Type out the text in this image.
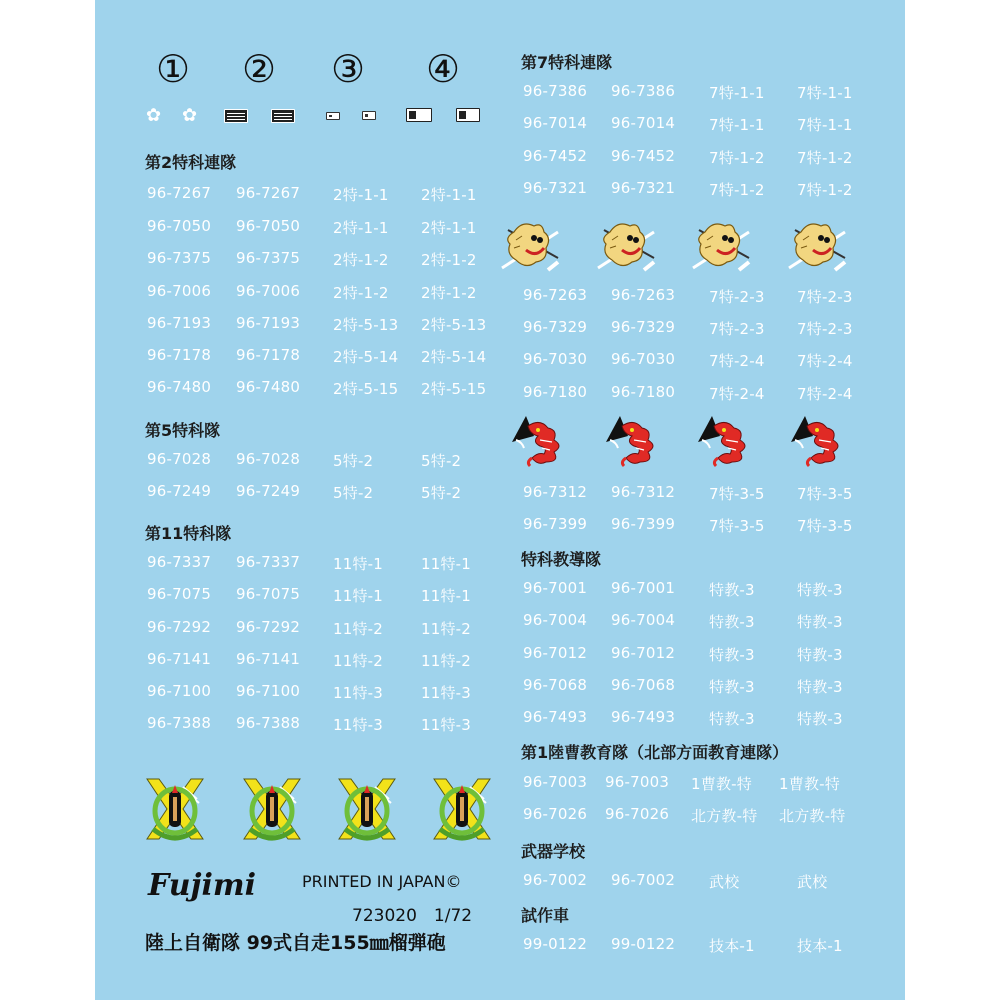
① ② ③ ④
✿ ✿
第2特科連隊
96-7267 96-7267 2特-1-1 2特-1-1
96-7050 96-7050 2特-1-1 2特-1-1
96-7375 96-7375 2特-1-2 2特-1-2
96-7006 96-7006 2特-1-2 2特-1-2
96-7193 96-7193 2特-5-13 2特-5-13
96-7178 96-7178 2特-5-14 2特-5-14
96-7480 96-7480 2特-5-15 2特-5-15
第5特科隊
96-7028 96-7028 5特-2	5特-2
96-7249 96-7249 5特-2	5特-2
第11特科隊
96-7337 96-7337 11特-1	11特-1
96-7075 96-7075 11特-1	11特-1
96-7292 96-7292 11特-2	11特-2
96-7141 96-7141 11特-2	11特-2
96-7100 96-7100 11特-3	11特-3
96-7388 96-7388 11特-3	11特-3
Fujimi	PRINTED IN JAPAN©
723020　1/72
陸上自衛隊 99式自走155㎜榴弾砲
第7特科連隊
96-7386 96-7386 7特-1-1 7特-1-1
96-7014 96-7014 7特-1-1 7特-1-1
96-7452 96-7452 7特-1-2 7特-1-2
96-7321 96-7321 7特-1-2 7特-1-2
96-7263 96-7263 7特-2-3 7特-2-3
96-7329 96-7329 7特-2-3 7特-2-3
96-7030 96-7030 7特-2-4 7特-2-4
96-7180 96-7180 7特-2-4 7特-2-4
96-7312 96-7312 7特-3-5 7特-3-5
96-7399 96-7399 7特-3-5 7特-3-5
特科教導隊
96-7001 96-7001 特教-3	特教-3
96-7004 96-7004 特教-3	特教-3
96-7012 96-7012 特教-3	特教-3
96-7068 96-7068 特教-3	特教-3
96-7493 96-7493 特教-3	特教-3
第1陸曹教育隊（北部方面教育連隊）
96-7003 96-7003 1曹教-特 1曹教-特
96-7026 96-7026 北方教-特 北方教-特
武器学校
96-7002 96-7002 武校	武校
試作車
99-0122 99-0122 技本-1	技本-1
